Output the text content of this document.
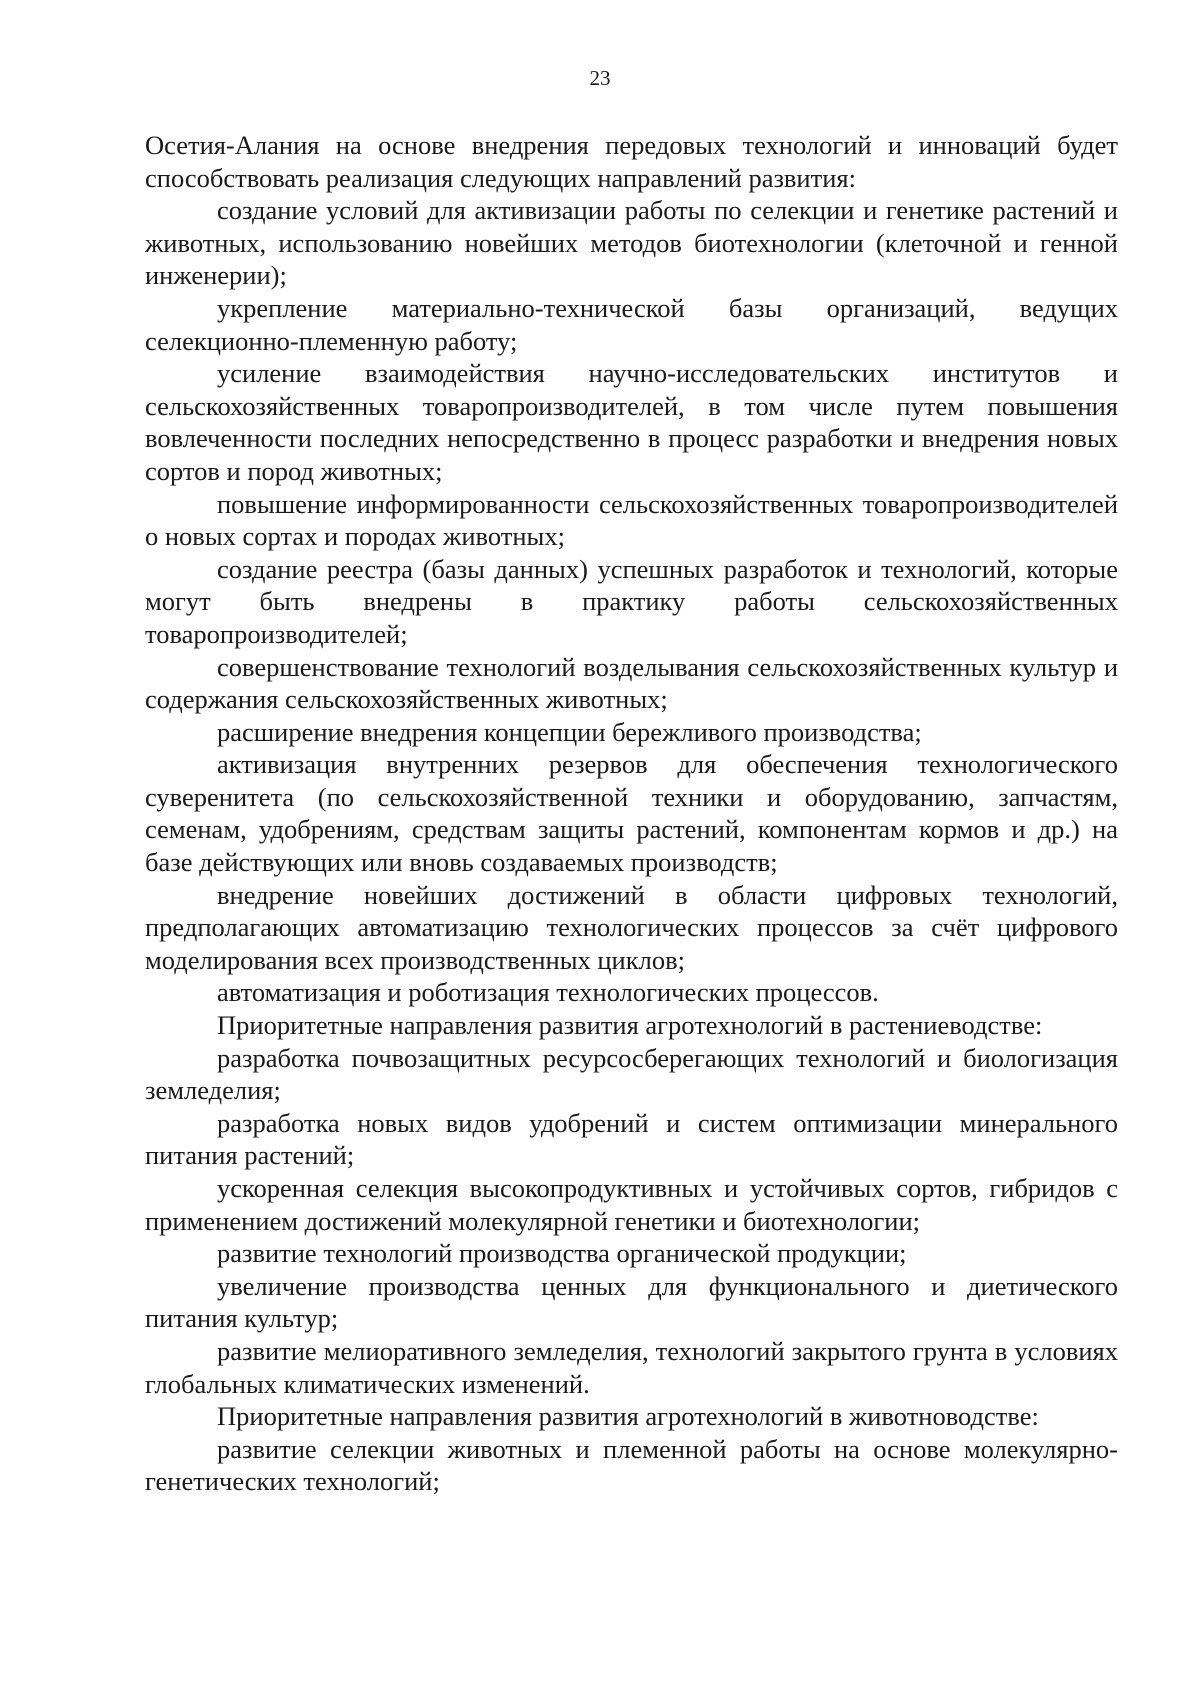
23

Осетия-Алания на основе внедрения передовых технологий и инноваций будет способствовать реализация следующих направлений развития:

создание условий для активизации работы по селекции и генетике растений и животных, использованию новейших методов биотехнологии (клеточной и генной инженерии);

укрепление материально-технической базы организаций, ведущих селекционно-племенную работу;

усиление взаимодействия научно-исследовательских институтов и сельскохозяйственных товаропроизводителей, в том числе путем повышения вовлеченности последних непосредственно в процесс разработки и внедрения новых сортов и пород животных;

повышение информированности сельскохозяйственных товаропроизводителей о новых сортах и породах животных;

создание реестра (базы данных) успешных разработок и технологий, которые могут быть внедрены в практику работы сельскохозяйственных товаропроизводителей;

совершенствование технологий возделывания сельскохозяйственных культур и содержания сельскохозяйственных животных;

расширение внедрения концепции бережливого производства;

активизация внутренних резервов для обеспечения технологического суверенитета (по сельскохозяйственной техники и оборудованию, запчастям, семенам, удобрениям, средствам защиты растений, компонентам кормов и др.) на базе действующих или вновь создаваемых производств;

внедрение новейших достижений в области цифровых технологий, предполагающих автоматизацию технологических процессов за счёт цифрового моделирования всех производственных циклов;

автоматизация и роботизация технологических процессов.

Приоритетные направления развития агротехнологий в растениеводстве:

разработка почвозащитных ресурсосберегающих технологий и биологизация земледелия;

разработка новых видов удобрений и систем оптимизации минерального питания растений;

ускоренная селекция высокопродуктивных и устойчивых сортов, гибридов с применением достижений молекулярной генетики и биотехнологии;

развитие технологий производства органической продукции;

увеличение производства ценных для функционального и диетического питания культур;

развитие мелиоративного земледелия, технологий закрытого грунта в условиях глобальных климатических изменений.

Приоритетные направления развития агротехнологий в животноводстве:

развитие селекции животных и племенной работы на основе молекулярно-генетических технологий;
